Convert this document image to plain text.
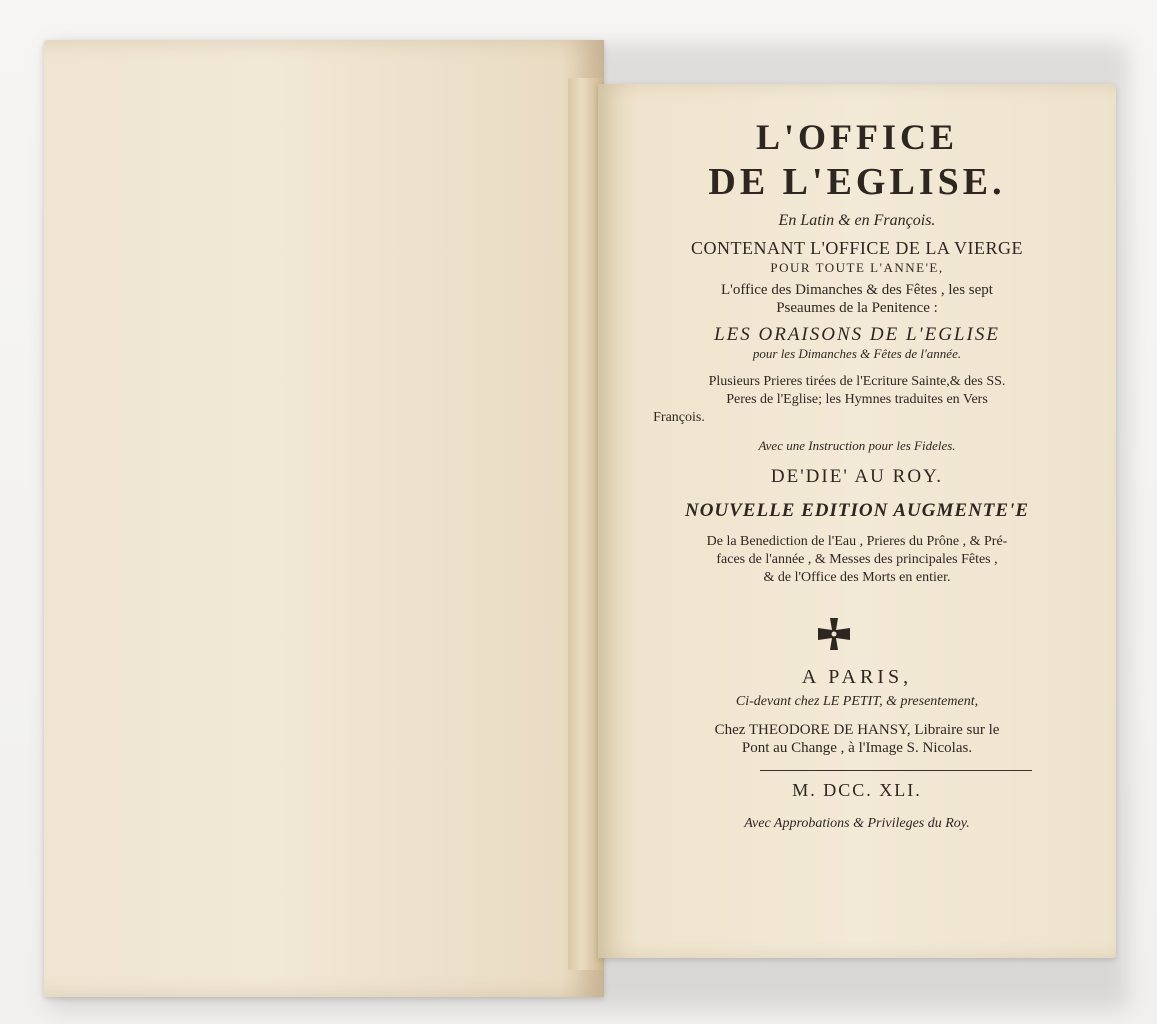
L'OFFICE
DE L'EGLISE.
En Latin & en François.
CONTENANT L'OFFICE DE LA VIERGE
POUR TOUTE L'ANNE'E,
L'office des Dimanches & des Fêtes , les sept
Pseaumes de la Penitence :
LES ORAISONS DE L'EGLISE
pour les Dimanches & Fêtes de l'année.
Plusieurs Prieres tirées de l'Ecriture Sainte,& des SS.
Peres de l'Eglise; les Hymnes traduites en Vers
François.
Avec une Instruction pour les Fideles.
DE'DIE' AU ROY.
NOUVELLE EDITION AUGMENTE'E
De la Benediction de l'Eau , Prieres du Prône , & Pré-
faces de l'année , & Messes des principales Fêtes ,
& de l'Office des Morts en entier.
A PARIS,
Ci-devant chez LE PETIT, & presentement,
Chez THEODORE DE HANSY, Libraire sur le
Pont au Change , à l'Image S. Nicolas.
M. DCC. XLI.
Avec Approbations & Privileges du Roy.
